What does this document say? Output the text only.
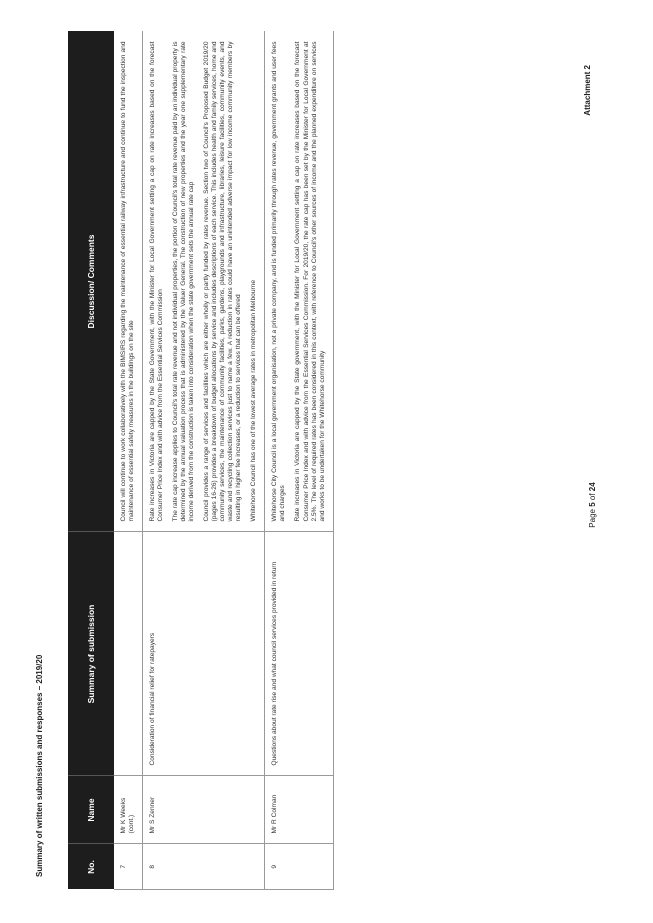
Summary of written submissions and responses – 2019/20
Attachment 2
Page 5 of 24
No.	Name	Summary of submission	Discussion/ Comments
7	Mr K Weeks (cont.)		Council will continue to work collaboratively with the BIMSIRS regarding the maintenance of essential railway infrastructure and continue to fund the inspection and maintenance of essential safety measures in the buildings on the site

8	Mr S Zenner	Consideration of financial relief for ratepayers	Rate increases in Victoria are capped by the State Government, with the Minister for Local Government setting a cap on rate increases based on the forecast Consumer Price Index and with advice from the Essential Services Commission The rate cap increase applies to Council's total rate revenue and not individual properties, the portion of Council's total rate revenue paid by an individual property is determined by the annual valuation process that is administered by the Valuer General. The construction of new properties and the year one supplementary rate income derived from the construction is taken into consideration when the state government sets the annual rate cap Council provides a range of services and facilities which are either wholly or partly funded by rates revenue. Section two of Council's Proposed Budget 2019/20 (pages 16-26) provides a breakdown of budget allocations by service and includes descriptions of each service. This includes health and family services, home and community services, the maintenance of community facilities, parks, gardens, playgrounds and infrastructure, libraries, leisure facilities, community events, and waste and recycling collection services just to name a few. A reduction in rates could have an unintended adverse impact for low income community members by resulting in higher fee increases, or a reduction to services that can be offered Whitehorse Council has one of the lowest average rates in metropolitan Melbourne

9	Mr R Colman	Questions about rate rise and what council services provided in return	Whitehorse City Council is a local government organisation, not a private company, and is funded primarily through rates revenue, government grants and user fees and charges Rate increases in Victoria are capped by the State government, with the Minister for Local Government setting a cap on rate increases based on the forecast Consumer Price Index and with advice from the Essential Services Commission. For 2019/20, the rate cap has been set by the Minister for Local Government at 2.5%. The level of required rates has been considered in this context, with reference to Council's other sources of income and the planned expenditure on services and works to be undertaken for the Whitehorse community
